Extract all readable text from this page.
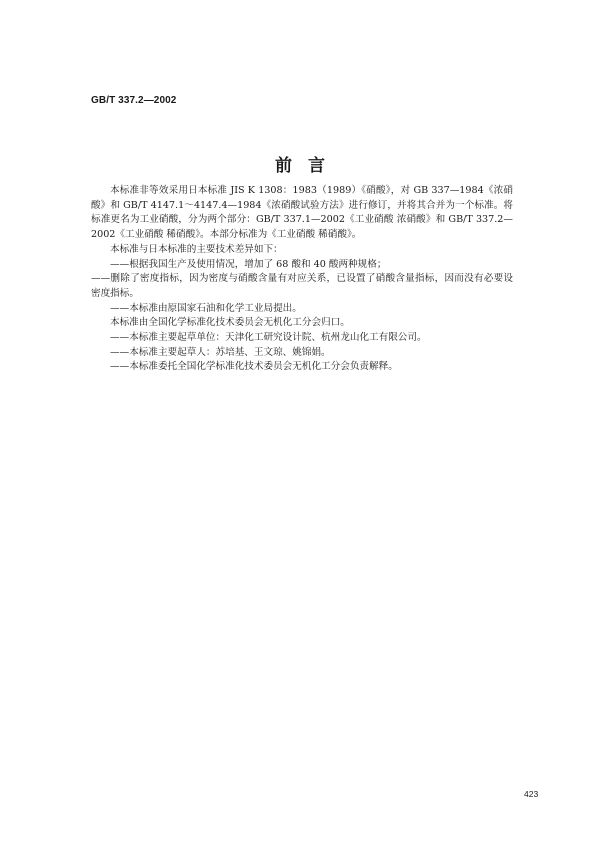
GB/T 337.2—2002
前言

本标准非等效采用日本标准 JIS K 1308：1983（1989）《硝酸》，对 GB 337—1984《浓硝酸》和 GB/T 4147.1～4147.4—1984《浓硝酸试验方法》进行修订，并将其合并为一个标准。将标准更名为工业硝酸，分为两个部分：GB/T 337.1—2002《工业硝酸 浓硝酸》和 GB/T 337.2—2002《工业硝酸 稀硝酸》。本部分标准为《工业硝酸 稀硝酸》。

本标准与日本标准的主要技术差异如下：

——根据我国生产及使用情况，增加了 68 酸和 40 酸两种规格；

——删除了密度指标，因为密度与硝酸含量有对应关系，已设置了硝酸含量指标，因而没有必要设密度指标。

——本标准由原国家石油和化学工业局提出。

本标准由全国化学标准化技术委员会无机化工分会归口。

——本标准主要起草单位：天津化工研究设计院、杭州龙山化工有限公司。

——本标准主要起草人：苏培基、王文琼、姚锦娟。

——本标准委托全国化学标准化技术委员会无机化工分会负责解释。

423
